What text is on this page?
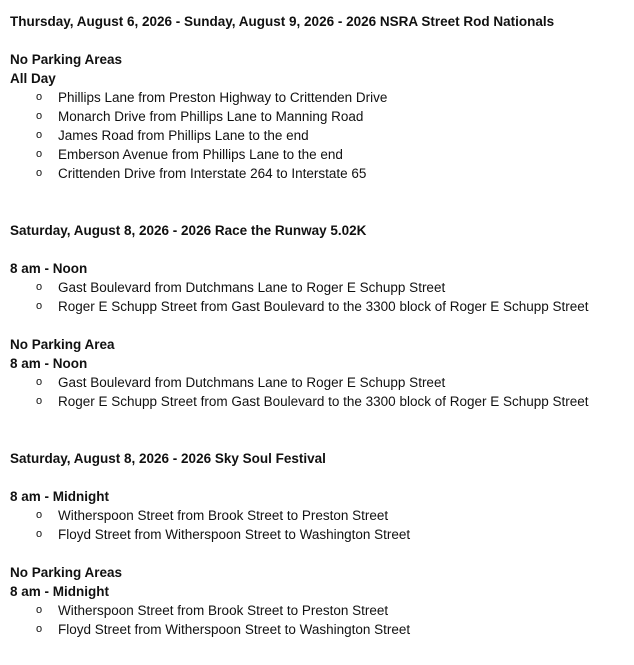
Thursday, August 6, 2026 - Sunday, August 9, 2026 - 2026 NSRA Street Rod Nationals
No Parking Areas
All Day
o Phillips Lane from Preston Highway to Crittenden Drive
o Monarch Drive from Phillips Lane to Manning Road
o James Road from Phillips Lane to the end
o Emberson Avenue from Phillips Lane to the end
o Crittenden Drive from Interstate 264 to Interstate 65
Saturday, August 8, 2026 - 2026 Race the Runway 5.02K
8 am - Noon
o Gast Boulevard from Dutchmans Lane to Roger E Schupp Street
o Roger E Schupp Street from Gast Boulevard to the 3300 block of Roger E Schupp Street
No Parking Area
8 am - Noon
o Gast Boulevard from Dutchmans Lane to Roger E Schupp Street
o Roger E Schupp Street from Gast Boulevard to the 3300 block of Roger E Schupp Street
Saturday, August 8, 2026 - 2026 Sky Soul Festival
8 am - Midnight
o Witherspoon Street from Brook Street to Preston Street
o Floyd Street from Witherspoon Street to Washington Street
No Parking Areas
8 am - Midnight
o Witherspoon Street from Brook Street to Preston Street
o Floyd Street from Witherspoon Street to Washington Street
